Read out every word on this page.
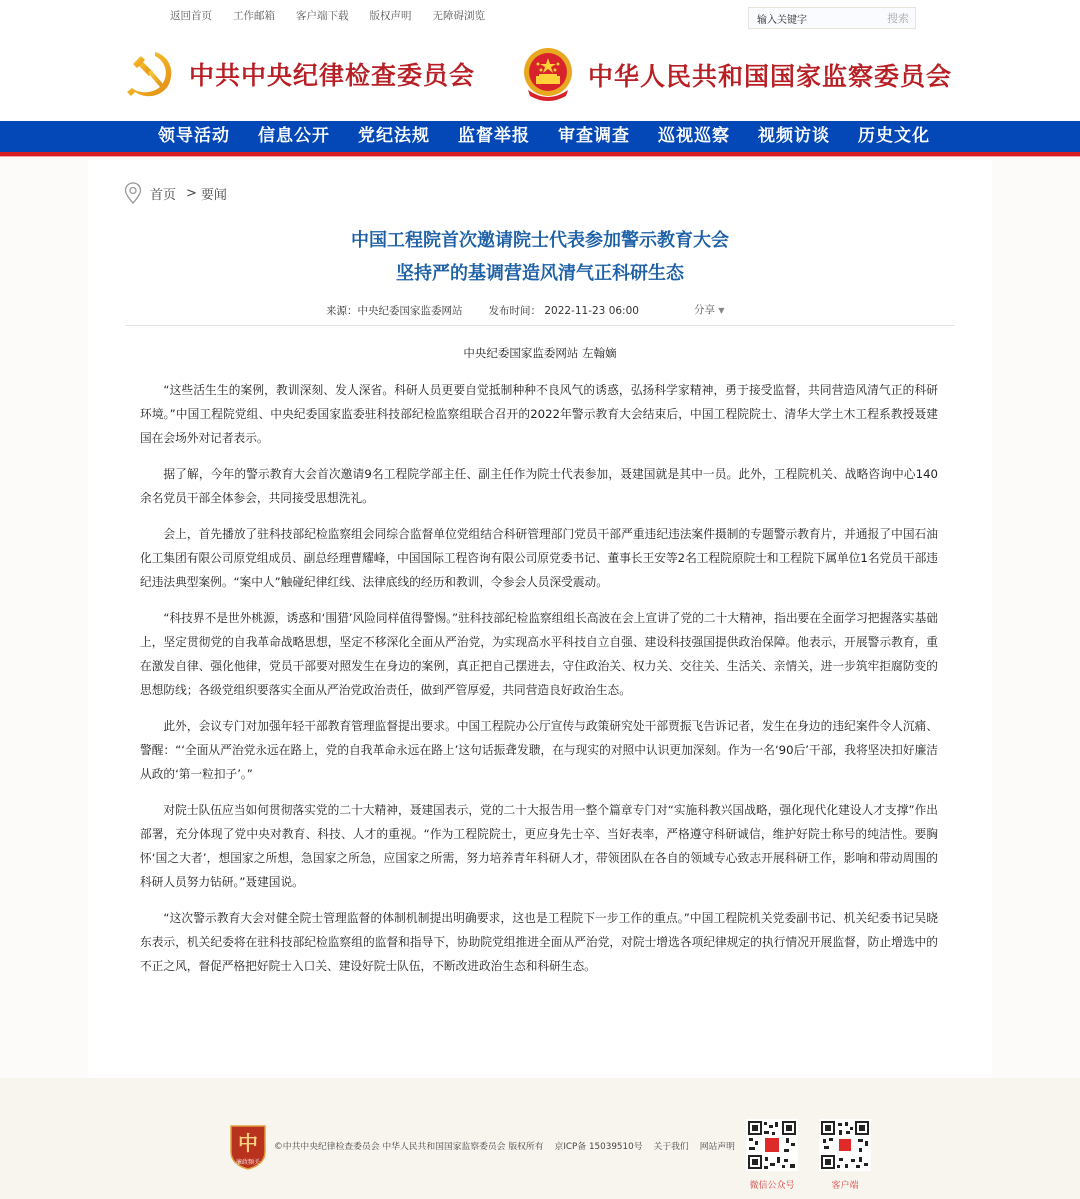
返回首页 工作邮箱 客户端下载 版权声明 无障碍浏览	输入关键字	搜索
中共中央纪律检查委员会	中华人民共和国国家监察委员会
领导活动 信息公开 党纪法规 监督举报 审查调查 巡视巡察 视频访谈 历史文化
首页 > 要闻
中国工程院首次邀请院士代表参加警示教育大会
坚持严的基调营造风清气正科研生态
来源：中央纪委国家监委网站 发布时间： 2022-11-23 06:00	分享 ▼
中央纪委国家监委网站 左翰嫡

“这些活生生的案例，教训深刻、发人深省。科研人员更要自觉抵制种种不良风气的诱惑，弘扬科学家精神，勇于接受监督，共同营造风清气正的科研环境。”中国工程院党组、中央纪委国家监委驻科技部纪检监察组联合召开的2022年警示教育大会结束后，中国工程院院士、清华大学土木工程系教授聂建国在会场外对记者表示。

据了解，今年的警示教育大会首次邀请9名工程院学部主任、副主任作为院士代表参加，聂建国就是其中一员。此外，工程院机关、战略咨询中心140余名党员干部全体参会，共同接受思想洗礼。

会上，首先播放了驻科技部纪检监察组会同综合监督单位党组结合科研管理部门党员干部严重违纪违法案件摄制的专题警示教育片，并通报了中国石油化工集团有限公司原党组成员、副总经理曹耀峰，中国国际工程咨询有限公司原党委书记、董事长王安等2名工程院原院士和工程院下属单位1名党员干部违纪违法典型案例。“案中人”触碰纪律红线、法律底线的经历和教训，令参会人员深受震动。

“科技界不是世外桃源，诱惑和‘围猎’风险同样值得警惕。”驻科技部纪检监察组组长高波在会上宣讲了党的二十大精神，指出要在全面学习把握落实基础上，坚定贯彻党的自我革命战略思想，坚定不移深化全面从严治党，为实现高水平科技自立自强、建设科技强国提供政治保障。他表示，开展警示教育，重在激发自律、强化他律，党员干部要对照发生在身边的案例，真正把自己摆进去，守住政治关、权力关、交往关、生活关、亲情关，进一步筑牢拒腐防变的思想防线；各级党组织要落实全面从严治党政治责任，做到严管厚爱，共同营造良好政治生态。

此外，会议专门对加强年轻干部教育管理监督提出要求。中国工程院办公厅宣传与政策研究处干部贾振飞告诉记者，发生在身边的违纪案件令人沉痛、警醒：“‘全面从严治党永远在路上，党的自我革命永远在路上’这句话振聋发聩，在与现实的对照中认识更加深刻。作为一名‘90后’干部，我将坚决扣好廉洁从政的‘第一粒扣子’。”

对院士队伍应当如何贯彻落实党的二十大精神，聂建国表示，党的二十大报告用一整个篇章专门对“实施科教兴国战略，强化现代化建设人才支撑”作出部署，充分体现了党中央对教育、科技、人才的重视。“作为工程院院士，更应身先士卒、当好表率，严格遵守科研诚信，维护好院士称号的纯洁性。要胸怀‘国之大者’，想国家之所想，急国家之所急，应国家之所需，努力培养青年科研人才，带领团队在各自的领域专心致志开展科研工作，影响和带动周围的科研人员努力钻研。”聂建国说。

“这次警示教育大会对健全院士管理监督的体制机制提出明确要求，这也是工程院下一步工作的重点。”中国工程院机关党委副书记、机关纪委书记吴晓东表示，机关纪委将在驻科技部纪检监察组的监督和指导下，协助院党组推进全面从严治党，对院士增选各项纪律规定的执行情况开展监督，防止增选中的不正之风，督促严格把好院士入口关、建设好院士队伍，不断改进政治生态和科研生态。

中
廉政频关
©中共中央纪律检查委员会 中华人民共和国国家监察委员会 版权所有 京ICP备 15039510号 关于我们 网站声明
微信公众号	客户端
